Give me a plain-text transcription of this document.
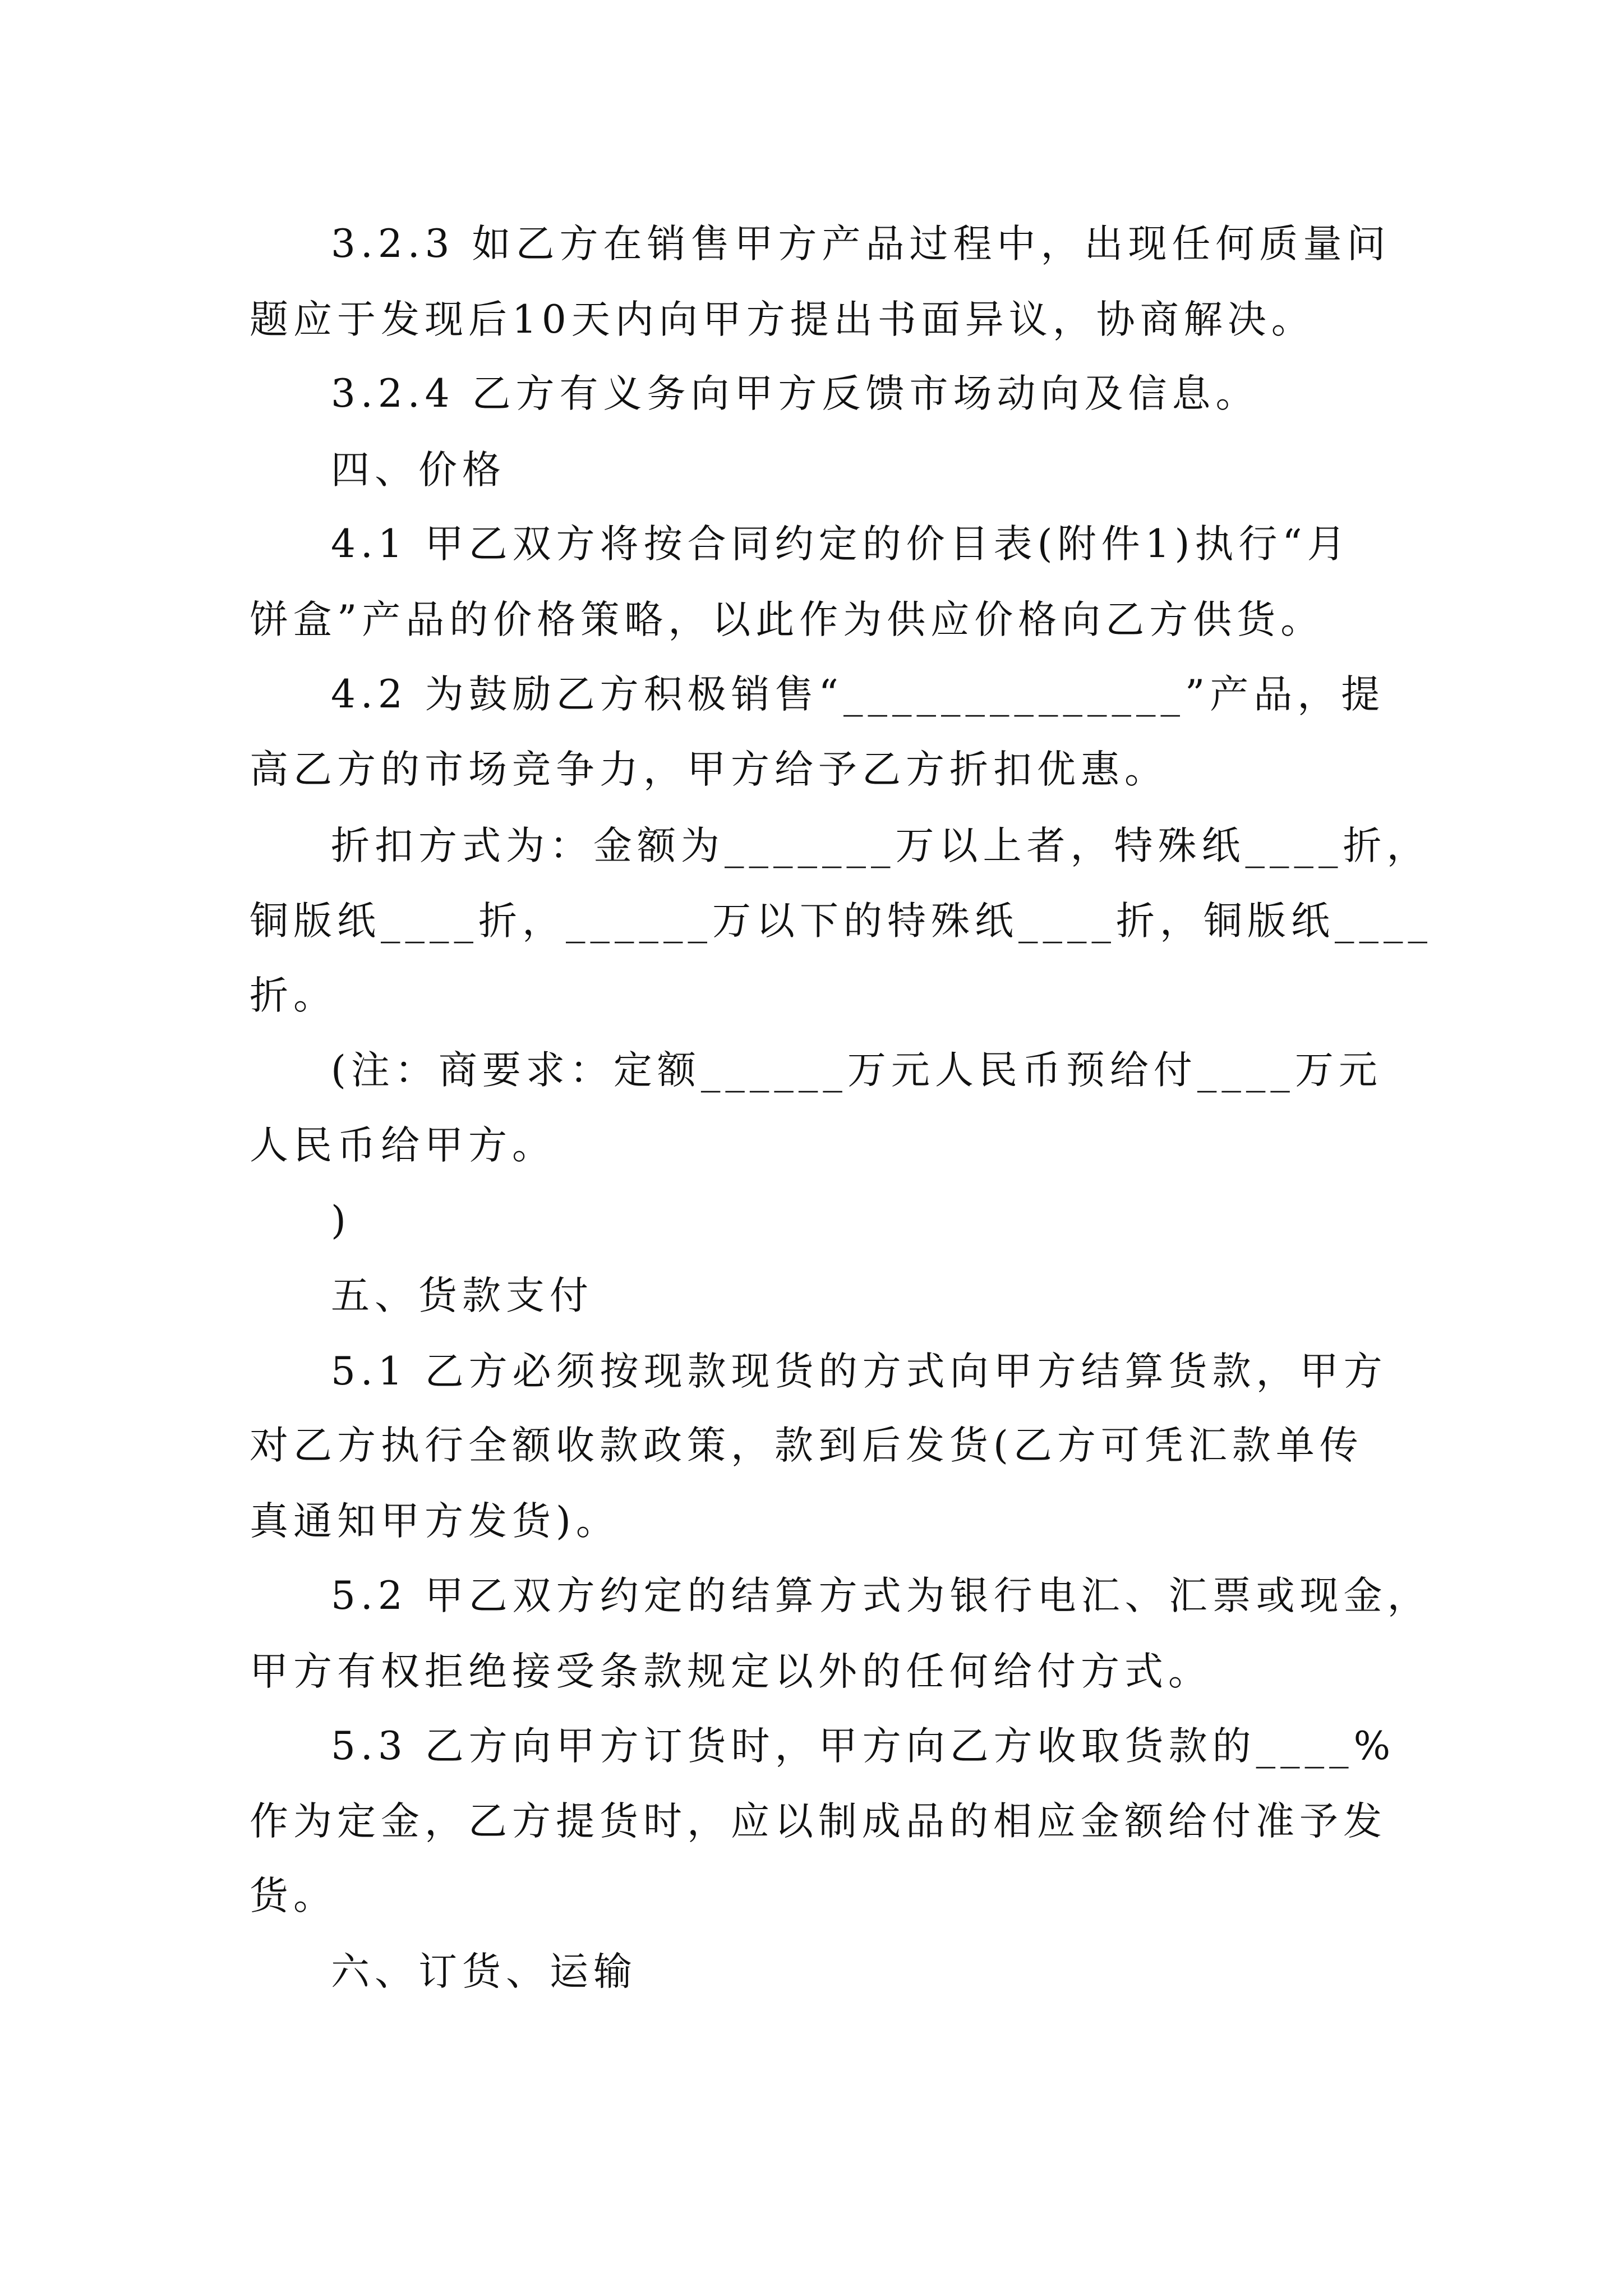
3.2.3 如乙方在销售甲方产品过程中，出现任何质量问
题应于发现后10天内向甲方提出书面异议，协商解决。
3.2.4 乙方有义务向甲方反馈市场动向及信息。
四、价格
4.1 甲乙双方将按合同约定的价目表(附件1)执行“月
饼盒”产品的价格策略，以此作为供应价格向乙方供货。
4.2 为鼓励乙方积极销售“______________”产品，提
高乙方的市场竞争力，甲方给予乙方折扣优惠。
折扣方式为：金额为_______万以上者，特殊纸____折，
铜版纸____折，______万以下的特殊纸____折，铜版纸____
折。
(注：商要求：定额______万元人民币预给付____万元
人民币给甲方。
)
五、货款支付
5.1 乙方必须按现款现货的方式向甲方结算货款，甲方
对乙方执行全额收款政策，款到后发货(乙方可凭汇款单传
真通知甲方发货)。
5.2 甲乙双方约定的结算方式为银行电汇、汇票或现金，
甲方有权拒绝接受条款规定以外的任何给付方式。
5.3 乙方向甲方订货时，甲方向乙方收取货款的____%
作为定金，乙方提货时，应以制成品的相应金额给付准予发
货。
六、订货、运输
